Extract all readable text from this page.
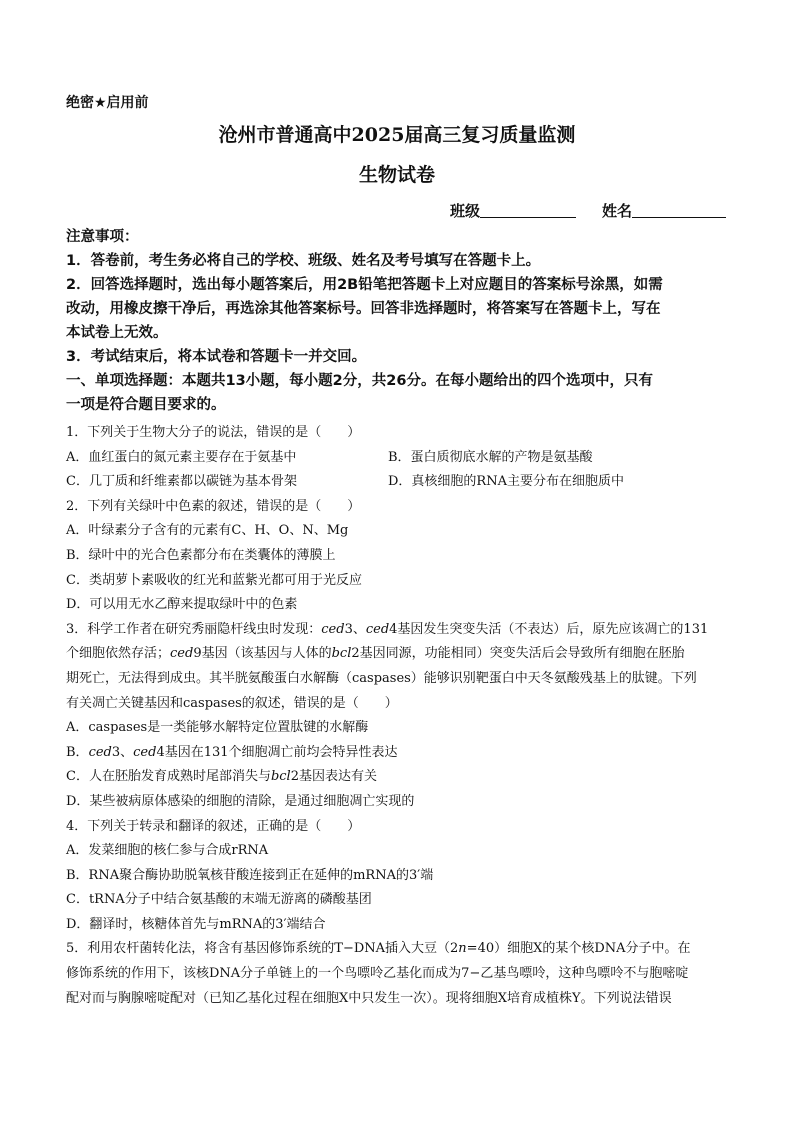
绝密★启用前
沧州市普通高中2025届高三复习质量监测
生物试卷
班级	姓名
注意事项：
1．答卷前，考生务必将自己的学校、班级、姓名及考号填写在答题卡上。
2．回答选择题时，选出每小题答案后，用2B铅笔把答题卡上对应题目的答案标号涂黑，如需
改动，用橡皮擦干净后，再选涂其他答案标号。回答非选择题时，将答案写在答题卡上，写在
本试卷上无效。
3．考试结束后，将本试卷和答题卡一并交回。
一、单项选择题：本题共13小题，每小题2分，共26分。在每小题给出的四个选项中，只有
一项是符合题目要求的。
1．下列关于生物大分子的说法，错误的是（　　）
A．血红蛋白的氮元素主要存在于氨基中	B．蛋白质彻底水解的产物是氨基酸
C．几丁质和纤维素都以碳链为基本骨架	D．真核细胞的RNA主要分布在细胞质中
2．下列有关绿叶中色素的叙述，错误的是（　　）
A．叶绿素分子含有的元素有C、H、O、N、Mg
B．绿叶中的光合色素都分布在类囊体的薄膜上
C．类胡萝卜素吸收的红光和蓝紫光都可用于光反应
D．可以用无水乙醇来提取绿叶中的色素
3．科学工作者在研究秀丽隐杆线虫时发现：ced3、ced4基因发生突变失活（不表达）后，原先应该凋亡的131
个细胞依然存活；ced9基因（该基因与人体的bcl2基因同源，功能相同）突变失活后会导致所有细胞在胚胎
期死亡，无法得到成虫。其半胱氨酸蛋白水解酶（caspases）能够识别靶蛋白中天冬氨酸残基上的肽键。下列
有关凋亡关键基因和caspases的叙述，错误的是（　　）
A．caspases是一类能够水解特定位置肽键的水解酶
B．ced3、ced4基因在131个细胞凋亡前均会特异性表达
C．人在胚胎发育成熟时尾部消失与bcl2基因表达有关
D．某些被病原体感染的细胞的清除，是通过细胞凋亡实现的
4．下列关于转录和翻译的叙述，正确的是（　　）
A．发菜细胞的核仁参与合成rRNA
B．RNA聚合酶协助脱氧核苷酸连接到正在延伸的mRNA的3′端
C．tRNA分子中结合氨基酸的末端无游离的磷酸基团
D．翻译时，核糖体首先与mRNA的3′端结合
5．利用农杆菌转化法，将含有基因修饰系统的T−DNA插入大豆（2n=40）细胞X的某个核DNA分子中。在
修饰系统的作用下，该核DNA分子单链上的一个鸟嘌呤乙基化而成为7−乙基鸟嘌呤，这种鸟嘌呤不与胞嘧啶
配对而与胸腺嘧啶配对（已知乙基化过程在细胞X中只发生一次）。现将细胞X培育成植株Y。下列说法错误
